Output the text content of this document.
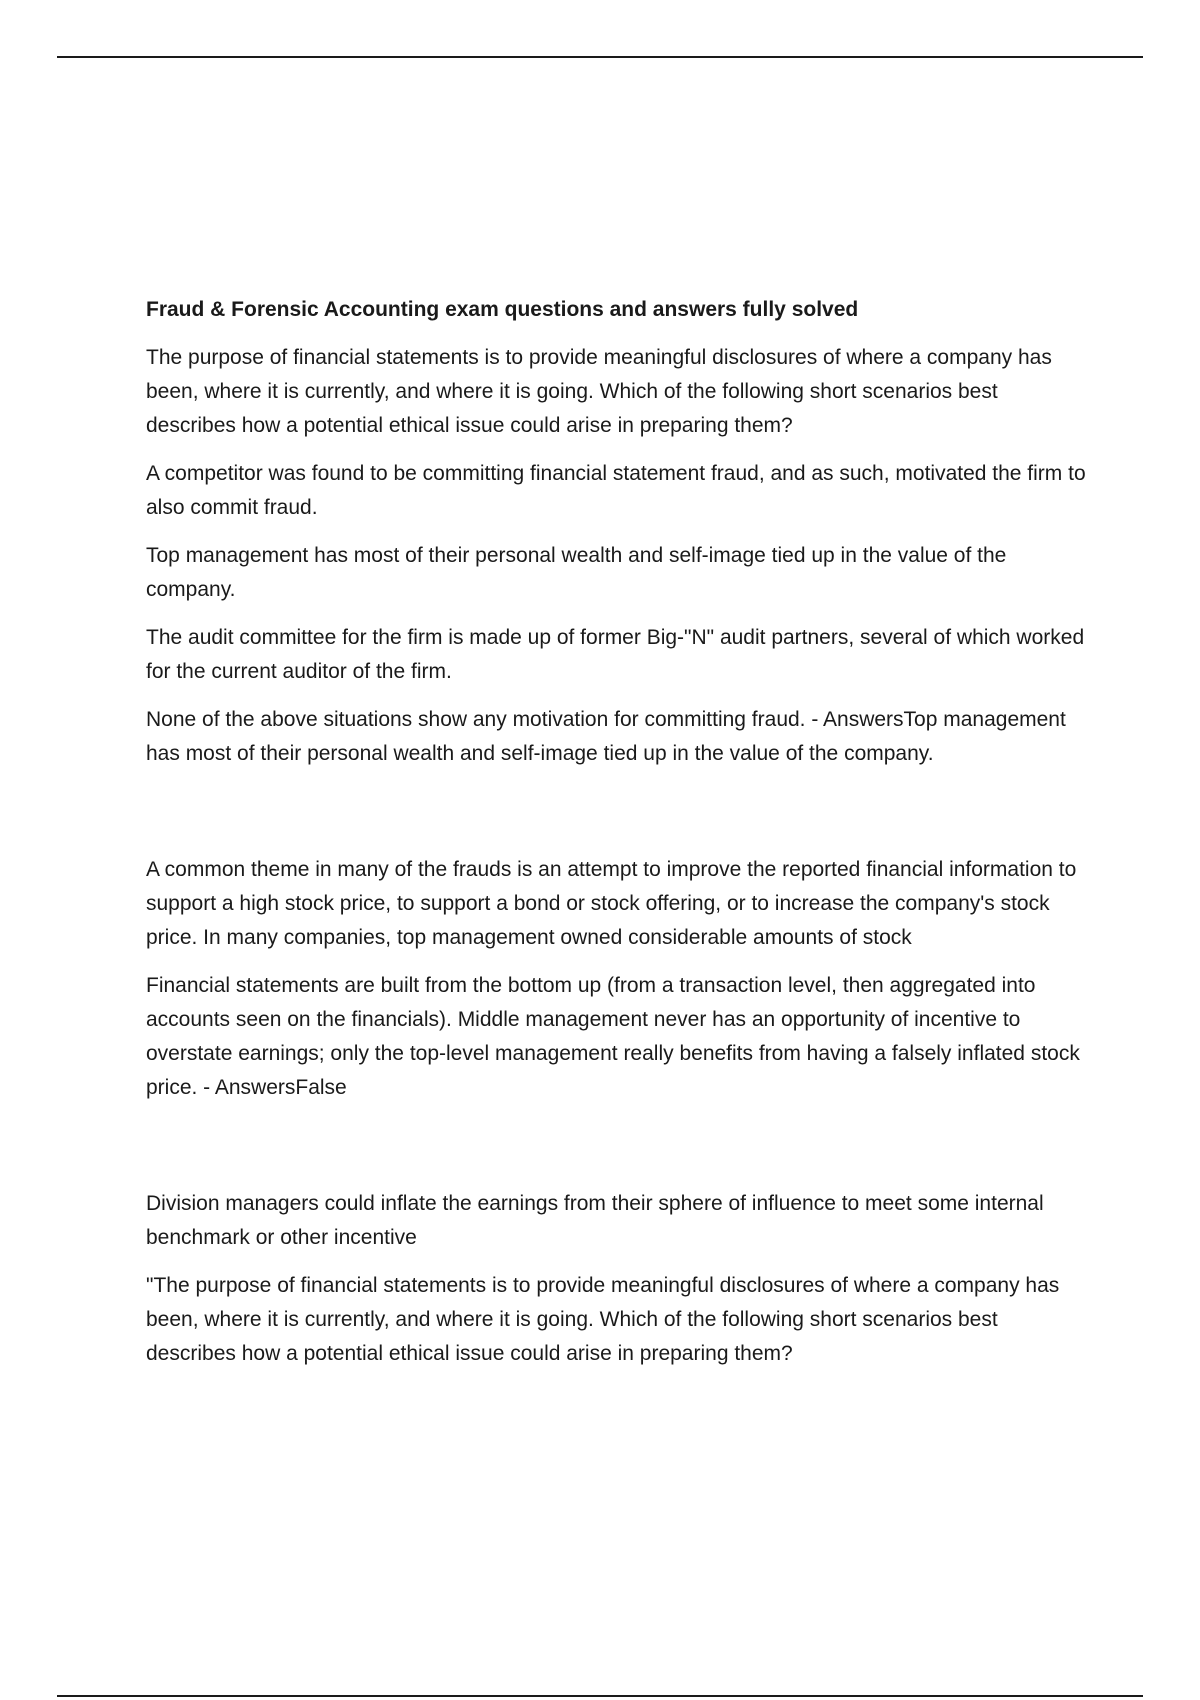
Fraud & Forensic Accounting exam questions and answers fully solved

The purpose of financial statements is to provide meaningful disclosures of where a company has been, where it is currently, and where it is going. Which of the following short scenarios best describes how a potential ethical issue could arise in preparing them?

A competitor was found to be committing financial statement fraud, and as such, motivated the firm to also commit fraud.

Top management has most of their personal wealth and self-image tied up in the value of the company.

The audit committee for the firm is made up of former Big-"N" audit partners, several of which worked for the current auditor of the firm.

None of the above situations show any motivation for committing fraud. - AnswersTop management has most of their personal wealth and self-image tied up in the value of the company.

A common theme in many of the frauds is an attempt to improve the reported financial information to support a high stock price, to support a bond or stock offering, or to increase the company's stock price. In many companies, top management owned considerable amounts of stock

Financial statements are built from the bottom up (from a transaction level, then aggregated into accounts seen on the financials). Middle management never has an opportunity of incentive to overstate earnings; only the top-level management really benefits from having a falsely inflated stock price. - AnswersFalse

Division managers could inflate the earnings from their sphere of influence to meet some internal benchmark or other incentive

"The purpose of financial statements is to provide meaningful disclosures of where a company has been, where it is currently, and where it is going. Which of the following short scenarios best describes how a potential ethical issue could arise in preparing them?
